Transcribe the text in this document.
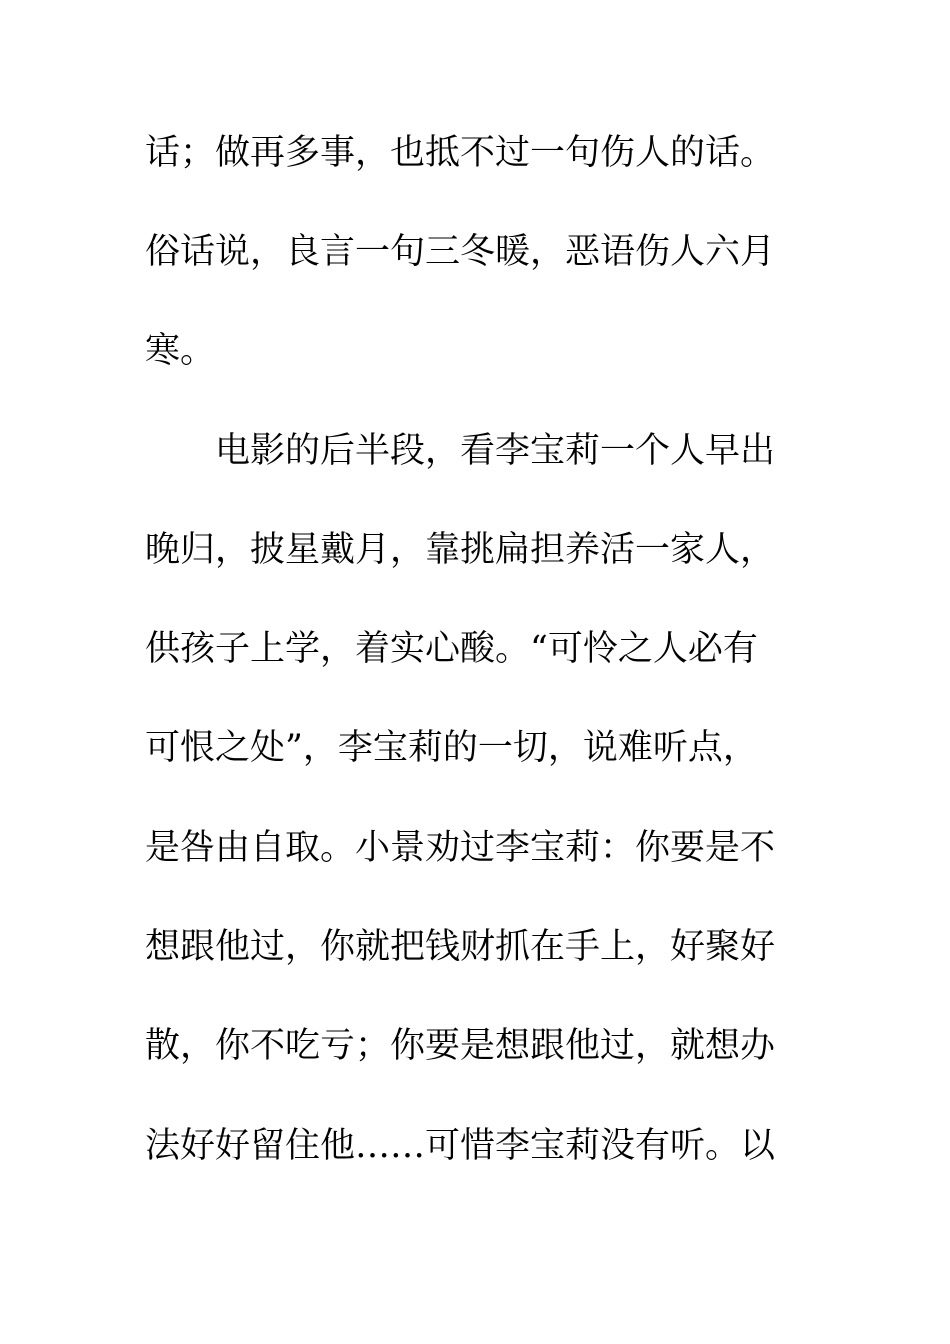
话；做再多事，也抵不过一句伤人的话。
俗话说，良言一句三冬暖，恶语伤人六月
寒。
　　电影的后半段，看李宝莉一个人早出
晚归，披星戴月，靠挑扁担养活一家人，
供孩子上学，着实心酸。“可怜之人必有
可恨之处”，李宝莉的一切，说难听点，
是咎由自取。小景劝过李宝莉：你要是不
想跟他过，你就把钱财抓在手上，好聚好
散，你不吃亏；你要是想跟他过，就想办
法好好留住他……可惜李宝莉没有听。以
